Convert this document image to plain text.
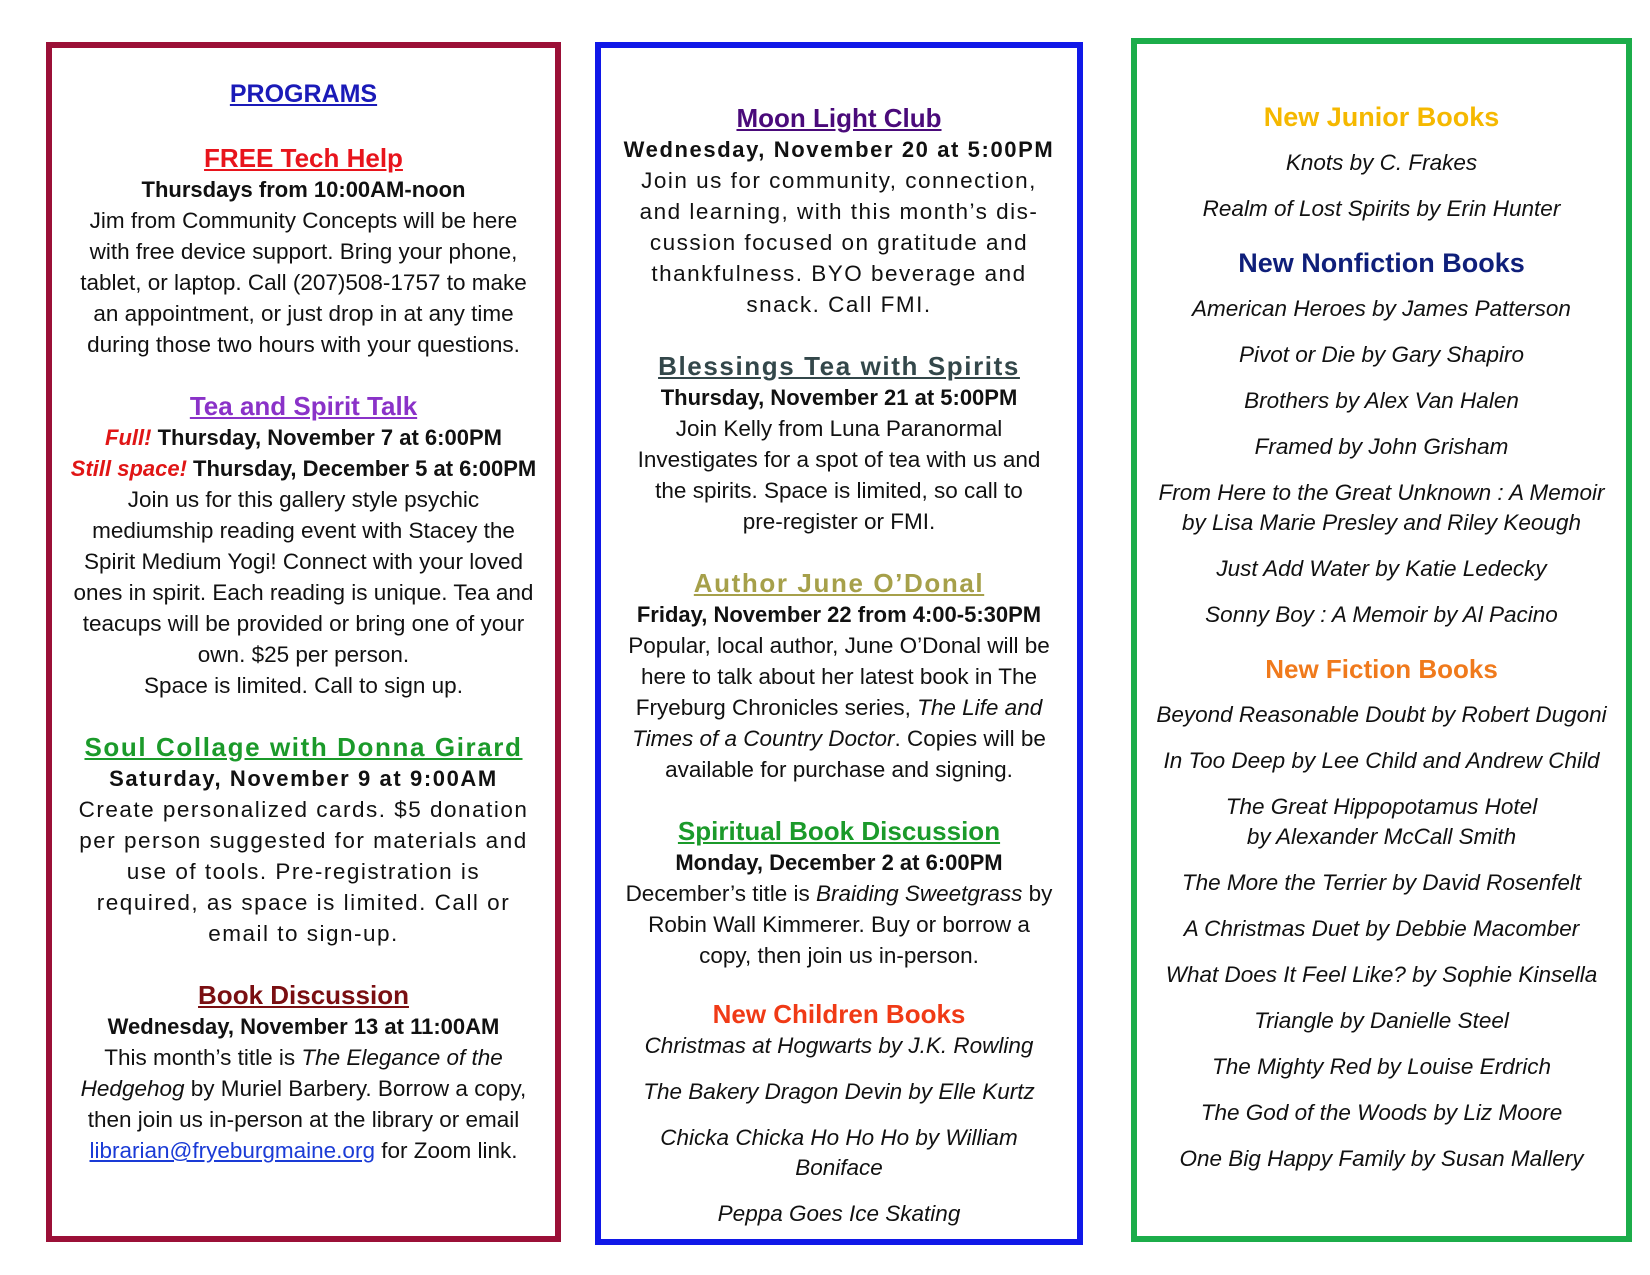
PROGRAMS

FREE Tech Help

Thursdays from 10:00AM-noon

Jim from Community Concepts will be here

with free device support. Bring your phone,

tablet, or laptop. Call (207)508-1757 to make

an appointment, or just drop in at any time

during those two hours with your questions.

Tea and Spirit Talk

Full! Thursday, November 7 at 6:00PM

Still space! Thursday, December 5 at 6:00PM

Join us for this gallery style psychic

mediumship reading event with Stacey the

Spirit Medium Yogi! Connect with your loved

ones in spirit. Each reading is unique. Tea and

teacups will be provided or bring one of your

own. $25 per person.

Space is limited. Call to sign up.

Soul Collage with Donna Girard

Saturday, November 9 at 9:00AM

Create personalized cards. $5 donation

per person suggested for materials and

use of tools. Pre-registration is

required, as space is limited. Call or

email to sign-up.

Book Discussion

Wednesday, November 13 at 11:00AM

This month’s title is The Elegance of the

Hedgehog by Muriel Barbery. Borrow a copy,

then join us in-person at the library or email

librarian@fryeburgmaine.org for Zoom link.

Moon Light Club

Wednesday, November 20 at 5:00PM

Join us for community, connection,

and learning, with this month’s dis-

cussion focused on gratitude and

thankfulness. BYO beverage and

snack. Call FMI.

Blessings Tea with Spirits

Thursday, November 21 at 5:00PM

Join Kelly from Luna Paranormal

Investigates for a spot of tea with us and

the spirits. Space is limited, so call to

pre-register or FMI.

Author June O’Donal

Friday, November 22 from 4:00-5:30PM

Popular, local author, June O’Donal will be

here to talk about her latest book in The

Fryeburg Chronicles series, The Life and

Times of a Country Doctor. Copies will be

available for purchase and signing.

Spiritual Book Discussion

Monday, December 2 at 6:00PM

December’s title is Braiding Sweetgrass by

Robin Wall Kimmerer. Buy or borrow a

copy, then join us in-person.

New Children Books

Christmas at Hogwarts by J.K. Rowling

The Bakery Dragon Devin by Elle Kurtz

Chicka Chicka Ho Ho Ho by William Boniface

Peppa Goes Ice Skating

New Junior Books

Knots by C. Frakes

Realm of Lost Spirits by Erin Hunter

New Nonfiction Books

American Heroes by James Patterson

Pivot or Die by Gary Shapiro

Brothers by Alex Van Halen

Framed by John Grisham

From Here to the Great Unknown : A Memoir

by Lisa Marie Presley and Riley Keough

Just Add Water by Katie Ledecky

Sonny Boy : A Memoir by Al Pacino

New Fiction Books

Beyond Reasonable Doubt by Robert Dugoni

In Too Deep by Lee Child and Andrew Child

The Great Hippopotamus Hotel

by Alexander McCall Smith

The More the Terrier by David Rosenfelt

A Christmas Duet by Debbie Macomber

What Does It Feel Like? by Sophie Kinsella

Triangle by Danielle Steel

The Mighty Red by Louise Erdrich

The God of the Woods by Liz Moore

One Big Happy Family by Susan Mallery
